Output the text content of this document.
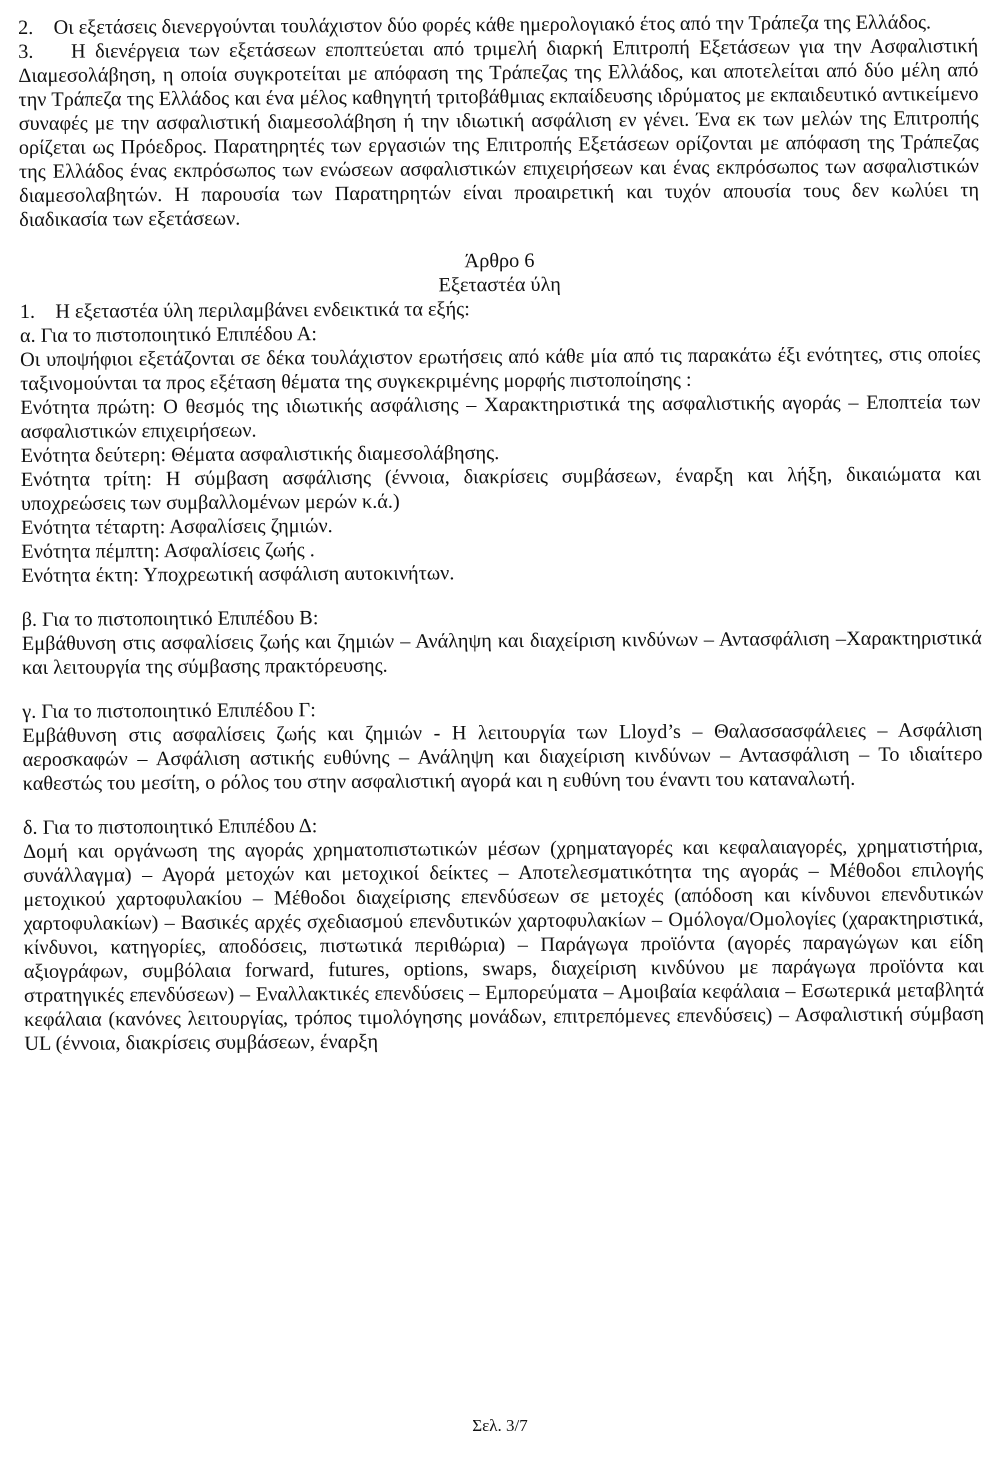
2.    Οι εξετάσεις διενεργούνται τουλάχιστον δύο φορές κάθε ημερολογιακό έτος από την Τράπεζα της Ελλάδος.

3.    Η διενέργεια των εξετάσεων εποπτεύεται από τριμελή διαρκή Επιτροπή Εξετάσεων για την Ασφαλιστική Διαμεσολάβηση, η οποία συγκροτείται με απόφαση της Τράπεζας της Ελλάδος, και αποτελείται από δύο μέλη από την Τράπεζα της Ελλάδος και ένα μέλος καθηγητή τριτοβάθμιας εκπαίδευσης ιδρύματος με εκπαιδευτικό αντικείμενο συναφές με την ασφαλιστική διαμεσολάβηση ή την ιδιωτική ασφάλιση εν γένει. Ένα εκ των μελών της Επιτροπής ορίζεται ως Πρόεδρος. Παρατηρητές των εργασιών της Επιτροπής Εξετάσεων ορίζονται με απόφαση της Τράπεζας της Ελλάδος ένας εκπρόσωπος των ενώσεων ασφαλιστικών επιχειρήσεων και ένας εκπρόσωπος των ασφαλιστικών διαμεσολαβητών. Η παρουσία των Παρατηρητών είναι προαιρετική και τυχόν απουσία τους δεν κωλύει τη διαδικασία των εξετάσεων.

Άρθρο 6

Εξεταστέα ύλη

1.    Η εξεταστέα ύλη περιλαμβάνει ενδεικτικά τα εξής:

α. Για το πιστοποιητικό Επιπέδου Α:

Οι υποψήφιοι εξετάζονται σε δέκα τουλάχιστον ερωτήσεις από κάθε μία από τις παρακάτω έξι ενότητες, στις οποίες ταξινομούνται τα προς εξέταση θέματα της συγκεκριμένης μορφής πιστοποίησης :

Ενότητα πρώτη: Ο θεσμός της ιδιωτικής ασφάλισης – Χαρακτηριστικά της ασφαλιστικής αγοράς – Εποπτεία των ασφαλιστικών επιχειρήσεων.

Ενότητα δεύτερη: Θέματα ασφαλιστικής διαμεσολάβησης.

Ενότητα τρίτη: Η σύμβαση ασφάλισης (έννοια, διακρίσεις συμβάσεων, έναρξη και λήξη, δικαιώματα και υποχρεώσεις των συμβαλλομένων μερών κ.ά.)

Ενότητα τέταρτη: Ασφαλίσεις ζημιών.

Ενότητα πέμπτη: Ασφαλίσεις ζωής .

Ενότητα έκτη: Υποχρεωτική ασφάλιση αυτοκινήτων.

β. Για το πιστοποιητικό Επιπέδου Β:

Εμβάθυνση στις ασφαλίσεις ζωής και ζημιών – Ανάληψη και διαχείριση κινδύνων – Αντασφάλιση –Χαρακτηριστικά και λειτουργία της σύμβασης πρακτόρευσης.

γ. Για το πιστοποιητικό Επιπέδου Γ:

Εμβάθυνση στις ασφαλίσεις ζωής και ζημιών - Η λειτουργία των Lloyd’s – Θαλασσασφάλειες – Ασφάλιση αεροσκαφών – Ασφάλιση αστικής ευθύνης – Ανάληψη και διαχείριση κινδύνων – Αντασφάλιση – Το ιδιαίτερο καθεστώς του μεσίτη, ο ρόλος του στην ασφαλιστική αγορά και η ευθύνη του έναντι του καταναλωτή.

δ. Για το πιστοποιητικό Επιπέδου Δ:

Δομή και οργάνωση της αγοράς χρηματοπιστωτικών μέσων (χρηματαγορές και κεφαλαιαγορές, χρηματιστήρια, συνάλλαγμα) – Αγορά μετοχών και μετοχικοί δείκτες – Αποτελεσματικότητα της αγοράς – Μέθοδοι επιλογής μετοχικού χαρτοφυλακίου – Μέθοδοι διαχείρισης επενδύσεων σε μετοχές (απόδοση και κίνδυνοι επενδυτικών χαρτοφυλακίων) – Βασικές αρχές σχεδιασμού επενδυτικών χαρτοφυλακίων – Ομόλογα/Ομολογίες (χαρακτηριστικά, κίνδυνοι, κατηγορίες, αποδόσεις, πιστωτικά περιθώρια) – Παράγωγα προϊόντα (αγορές παραγώγων και είδη αξιογράφων, συμβόλαια forward, futures, options, swaps, διαχείριση κινδύνου με παράγωγα προϊόντα και στρατηγικές επενδύσεων) – Εναλλακτικές επενδύσεις – Εμπορεύματα – Αμοιβαία κεφάλαια – Εσωτερικά μεταβλητά κεφάλαια (κανόνες λειτουργίας, τρόπος τιμολόγησης μονάδων, επιτρεπόμενες επενδύσεις) – Ασφαλιστική σύμβαση UL (έννοια, διακρίσεις συμβάσεων, έναρξη

Σελ. 3/7
